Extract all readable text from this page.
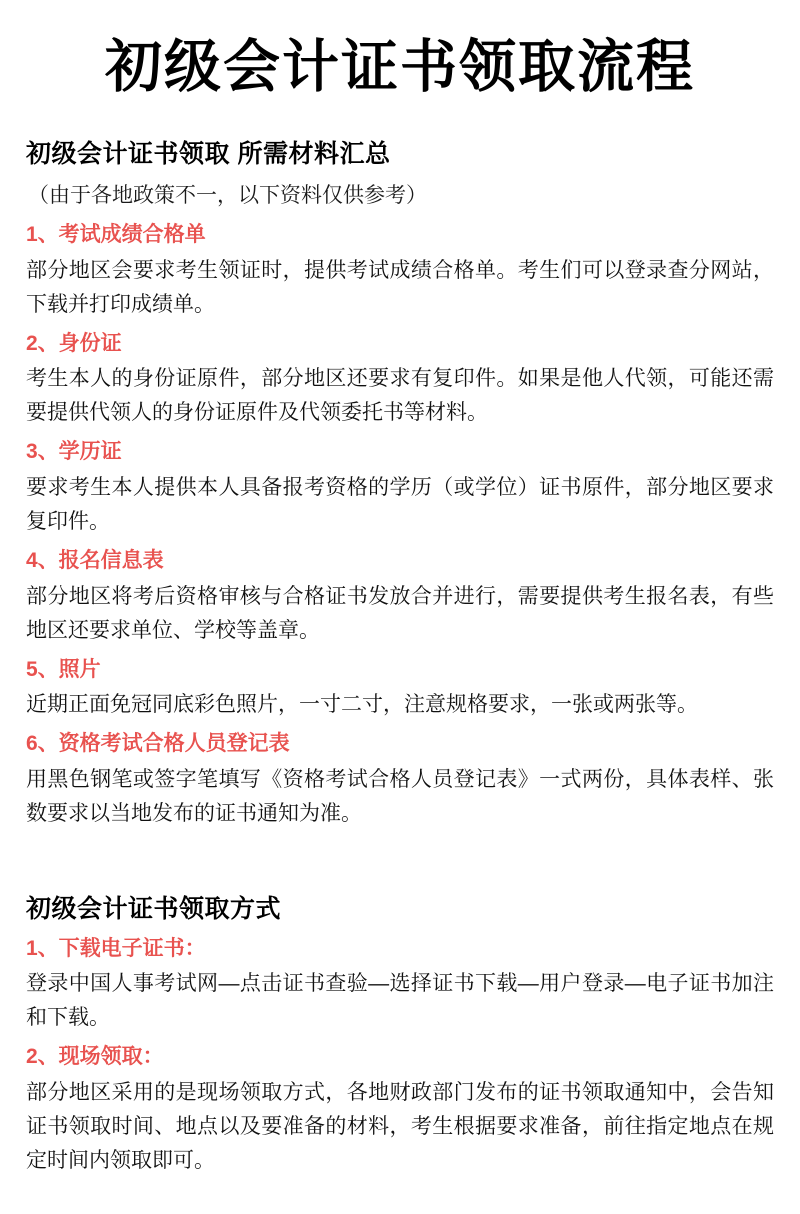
初级会计证书领取流程
初级会计证书领取 所需材料汇总

（由于各地政策不一，以下资料仅供参考）

1、考试成绩合格单
部分地区会要求考生领证时，提供考试成绩合格单。考生们可以登录查分网站，下载并打印成绩单。
2、身份证
考生本人的身份证原件，部分地区还要求有复印件。如果是他人代领，可能还需要提供代领人的身份证原件及代领委托书等材料。
3、学历证
要求考生本人提供本人具备报考资格的学历（或学位）证书原件，部分地区要求复印件。
4、报名信息表
部分地区将考后资格审核与合格证书发放合并进行，需要提供考生报名表，有些地区还要求单位、学校等盖章。
5、照片
近期正面免冠同底彩色照片，一寸二寸，注意规格要求，一张或两张等。
6、资格考试合格人员登记表
用黑色钢笔或签字笔填写《资格考试合格人员登记表》一式两份，具体表样、张数要求以当地发布的证书通知为准。
初级会计证书领取方式
1、下载电子证书：
登录中国人事考试网—点击证书查验—选择证书下载—用户登录—电子证书加注和下载。
2、现场领取：
部分地区采用的是现场领取方式，各地财政部门发布的证书领取通知中，会告知证书领取时间、地点以及要准备的材料，考生根据要求准备，前往指定地点在规定时间内领取即可。
